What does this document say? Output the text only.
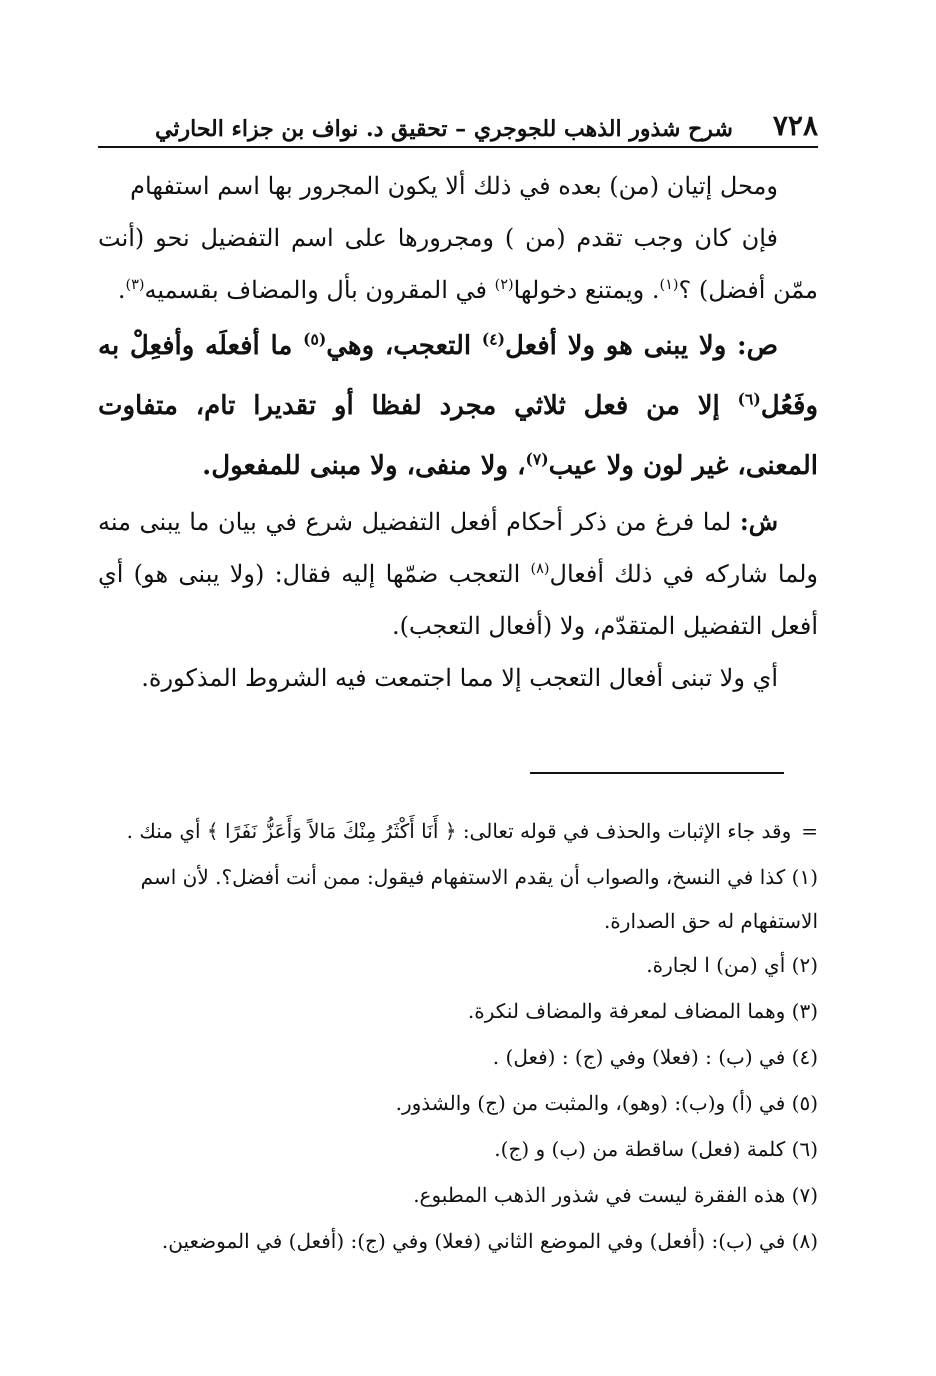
٧٢٨
شرح شذور الذهب للجوجري – تحقيق د. نواف بن جزاء الحارثي

ومحل إتيان (من) بعده في ذلك ألا يكون المجرور بها اسم استفهام

فإن كان وجب تقدم (من ) ومجرورها على اسم التفضيل نحو (أنت ممّن أفضل) ؟$^{(١)}$. ويمتنع دخولها$^{(٢)}$ في المقرون بأل والمضاف بقسميه$^{(٣)}$.

ص: ولا يبنى هو ولا أفعل$^{(٤)}$ التعجب، وهي$^{(٥)}$ ما أفعلَه وأفعِلْ به وفَعُل$^{(٦)}$ إلا من فعل ثلاثي مجرد لفظا أو تقديرا تام، متفاوت المعنى، غير لون ولا عيب$^{(٧)}$، ولا منفى، ولا مبنى للمفعول.

ش: لما فرغ من ذكر أحكام أفعل التفضيل شرع في بيان ما يبنى منه ولما شاركه في ذلك أفعال$^{(٨)}$ التعجب ضمّها إليه فقال: (ولا يبنى هو) أي أفعل التفضيل المتقدّم، ولا (أفعال التعجب).

أي ولا تبنى أفعال التعجب إلا مما اجتمعت فيه الشروط المذكورة.

=وقد جاء الإثبات والحذف في قوله تعالى: ﴿ أَنَا أَكْثَرُ مِنْكَ مَالاً وَأَعَزُّ نَفَرًا ﴾ أي منك .

(١) كذا في النسخ، والصواب أن يقدم الاستفهام فيقول: ممن أنت أفضل؟. لأن اسم

الاستفهام له حق الصدارة.

(٢) أي (من) ا لجارة.

(٣) وهما المضاف لمعرفة والمضاف لنكرة.

(٤) في (ب) : (فعلا) وفي (ج) : (فعل) .

(٥) في (أ) و(ب): (وهو)، والمثبت من (ج) والشذور.

(٦) كلمة (فعل) ساقطة من (ب) و (ج).

(٧) هذه الفقرة ليست في شذور الذهب المطبوع.

(٨) في (ب): (أفعل) وفي الموضع الثاني (فعلا) وفي (ج): (أفعل) في الموضعين.
